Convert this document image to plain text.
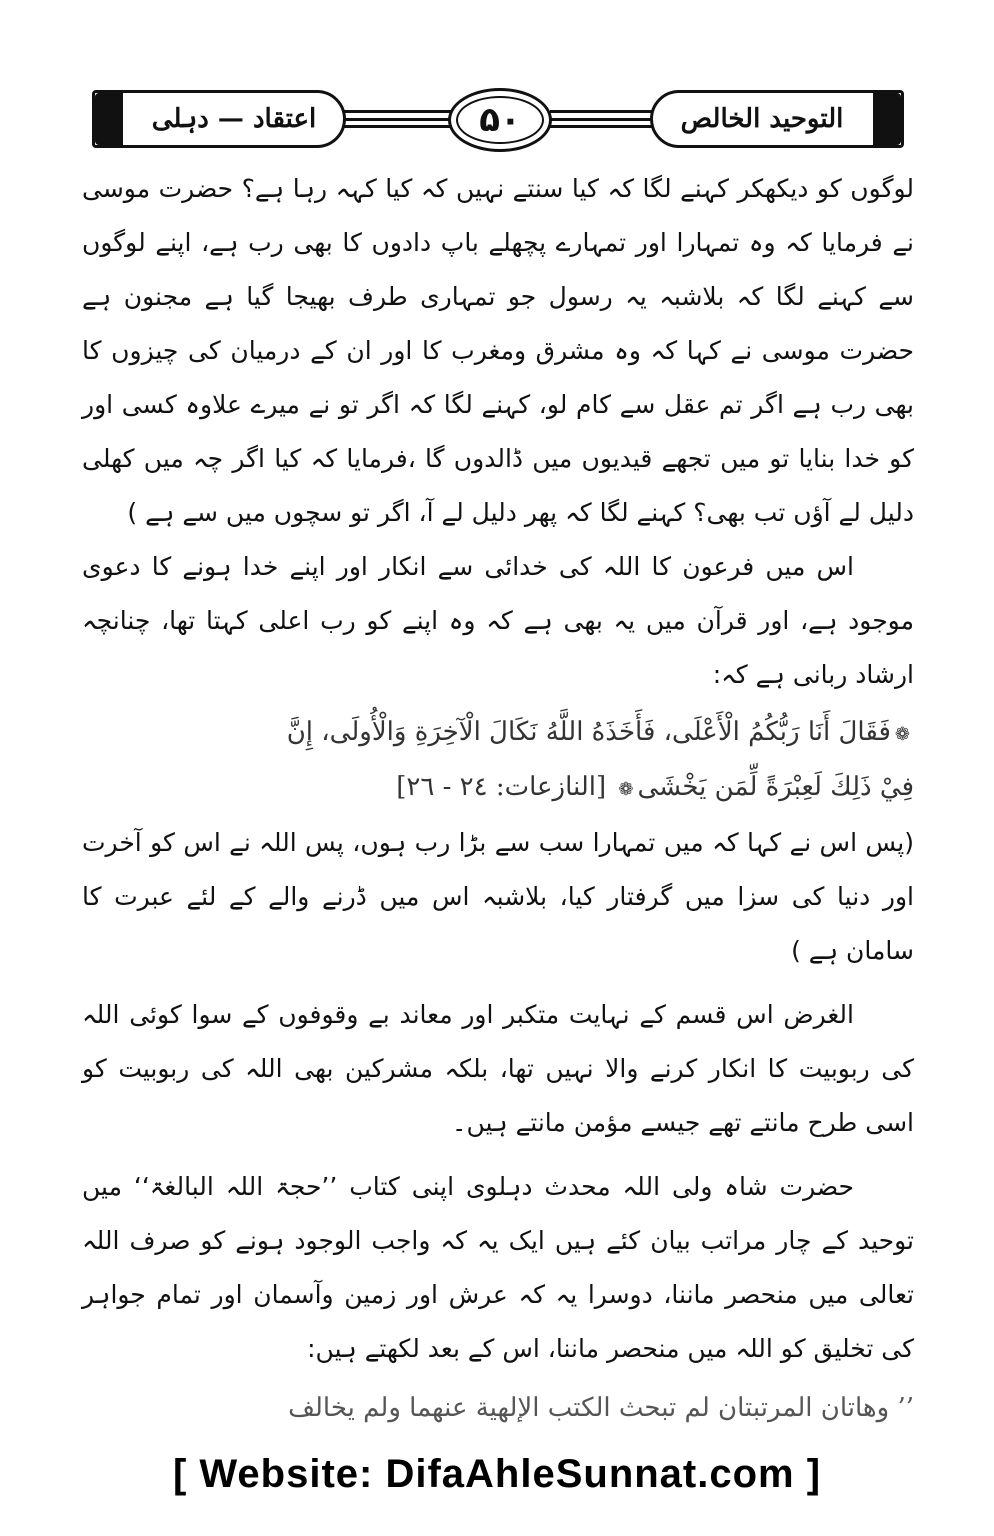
اعتقاد — دہلی	۵۰	التوحید الخالص

لوگوں کو دیکھکر کہنے لگا کہ کیا سنتے نہیں کہ کیا کہہ رہا ہے؟ حضرت موسی نے فرمایا کہ وہ تمہارا اور تمہارے پچھلے باپ دادوں کا بھی رب ہے، اپنے لوگوں سے کہنے لگا کہ بلاشبہ یہ رسول جو تمہاری طرف بھیجا گیا ہے مجنون ہے حضرت موسی نے کہا کہ وہ مشرق ومغرب کا اور ان کے درمیان کی چیزوں کا بھی رب ہے اگر تم عقل سے کام لو، کہنے لگا کہ اگر تو نے میرے علاوہ کسی اور کو خدا بنایا تو میں تجھے قیدیوں میں ڈالدوں گا ،فرمایا کہ کیا اگر چہ میں کھلی دلیل لے آؤں تب بھی؟ کہنے لگا کہ پھر دلیل لے آ، اگر تو سچوں میں سے ہے )

اس میں فرعون کا اللہ کی خدائی سے انکار اور اپنے خدا ہونے کا دعوی موجود ہے، اور قرآن میں یہ بھی ہے کہ وہ اپنے کو رب اعلی کہتا تھا، چنانچہ ارشاد ربانی ہے کہ:

❁فَقَالَ أَنَا رَبُّكُمُ الْأَعْلَى، فَأَخَذَهُ اللَّهُ نَكَالَ الْآخِرَةِ وَالْأُولَى، إِنَّ

فِيْ ذَلِكَ لَعِبْرَةً لِّمَن يَخْشَى❁ [النازعات: ٢٤ - ٢٦]

(پس اس نے کہا کہ میں تمہارا سب سے بڑا رب ہوں، پس اللہ نے اس کو آخرت اور دنیا کی سزا میں گرفتار کیا، بلاشبہ اس میں ڈرنے والے کے لئے عبرت کا سامان ہے )

الغرض اس قسم کے نہایت متکبر اور معاند بے وقوفوں کے سوا کوئی اللہ کی ربوبیت کا انکار کرنے والا نہیں تھا، بلکہ مشرکین بھی اللہ کی ربوبیت کو اسی طرح مانتے تھے جیسے مؤمن مانتے ہیں۔

حضرت شاہ ولی اللہ محدث دہلوی اپنی کتاب ’’حجۃ اللہ البالغۃ‘‘ میں توحید کے چار مراتب بیان کئے ہیں ایک یہ کہ واجب الوجود ہونے کو صرف اللہ تعالی میں منحصر ماننا، دوسرا یہ کہ عرش اور زمین وآسمان اور تمام جواہر کی تخلیق کو اللہ میں منحصر ماننا، اس کے بعد لکھتے ہیں:

’’ وهاتان المرتبتان لم تبحث الكتب الإلهية عنهما ولم يخالف

[ Website: DifaAhleSunnat.com ]
